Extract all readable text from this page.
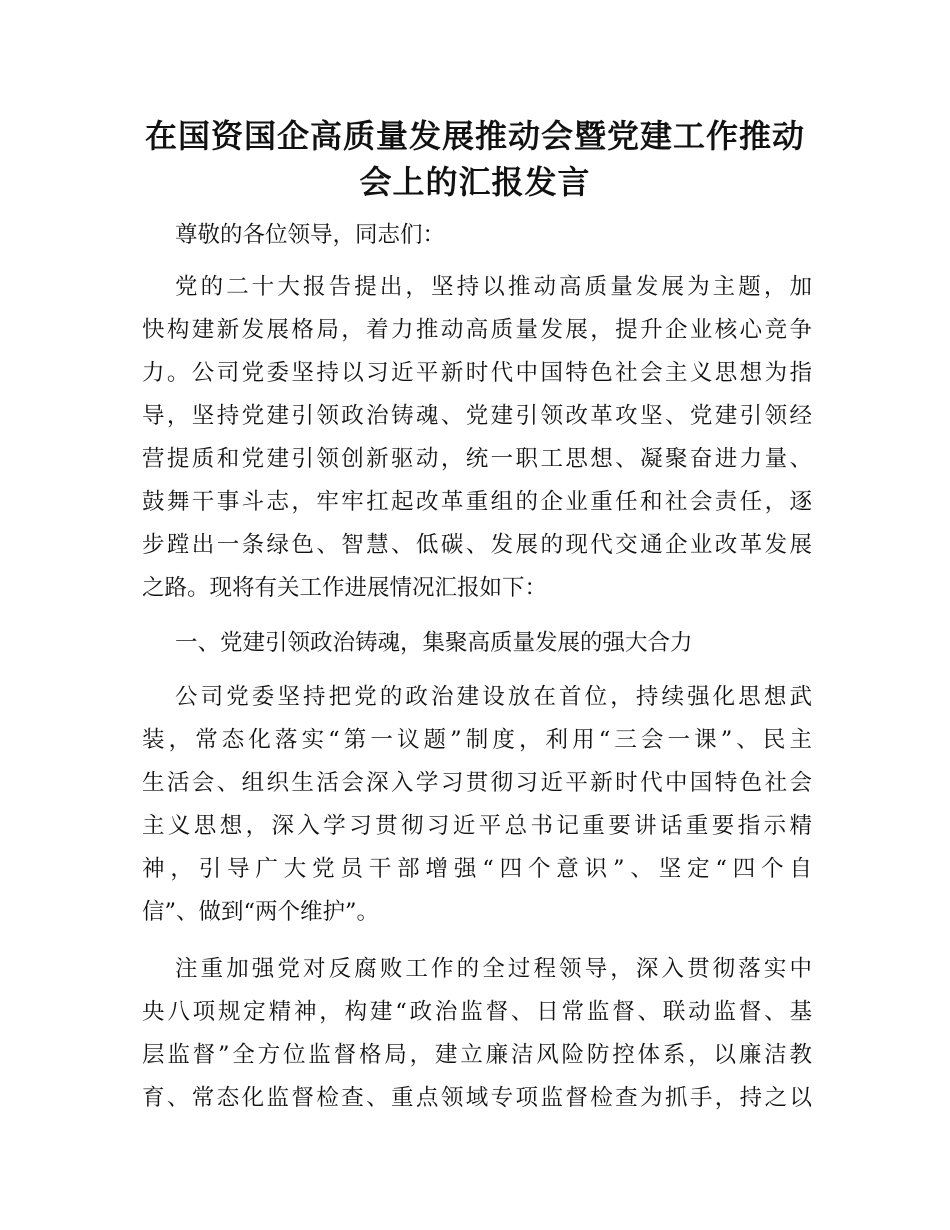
在国资国企高质量发展推动会暨党建工作推动
会上的汇报发言

尊敬的各位领导，同志们：

党的二十大报告提出，坚持以推动高质量发展为主题，加

快构建新发展格局，着力推动高质量发展，提升企业核心竞争

力。公司党委坚持以习近平新时代中国特色社会主义思想为指

导，坚持党建引领政治铸魂、党建引领改革攻坚、党建引领经

营提质和党建引领创新驱动，统一职工思想、凝聚奋进力量、

鼓舞干事斗志，牢牢扛起改革重组的企业重任和社会责任，逐

步蹚出一条绿色、智慧、低碳、发展的现代交通企业改革发展

之路。现将有关工作进展情况汇报如下：

一、党建引领政治铸魂，集聚高质量发展的强大合力

公司党委坚持把党的政治建设放在首位，持续强化思想武

装，常态化落实“第一议题”制度，利用“三会一课”、民主

生活会、组织生活会深入学习贯彻习近平新时代中国特色社会

主义思想，深入学习贯彻习近平总书记重要讲话重要指示精

神，引导广大党员干部增强“四个意识”、坚定“四个自

信”、做到“两个维护”。

注重加强党对反腐败工作的全过程领导，深入贯彻落实中

央八项规定精神，构建“政治监督、日常监督、联动监督、基

层监督”全方位监督格局，建立廉洁风险防控体系，以廉洁教

育、常态化监督检查、重点领域专项监督检查为抓手，持之以
